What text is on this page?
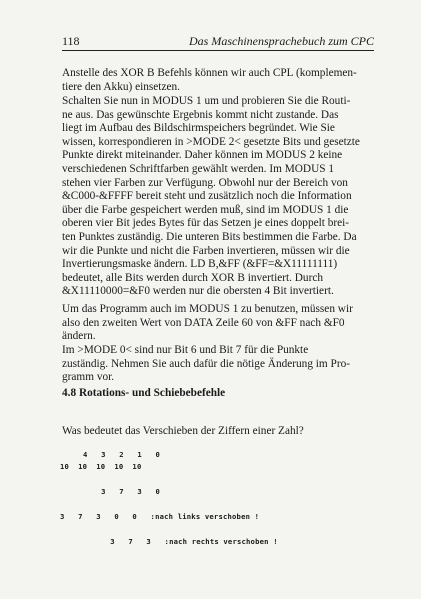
118	Das Maschinensprachebuch zum CPC
Anstelle des XOR B Befehls können wir auch CPL (komplemen-
tiere den Akku) einsetzen.
Schalten Sie nun in MODUS 1 um und probieren Sie die Routi-
ne aus. Das gewünschte Ergebnis kommt nicht zustande. Das
liegt im Aufbau des Bildschirmspeichers begründet. Wie Sie
wissen, korrespondieren in >MODE 2< gesetzte Bits und gesetzte
Punkte direkt miteinander. Daher können im MODUS 2 keine
verschiedenen Schriftfarben gewählt werden. Im MODUS 1
stehen vier Farben zur Verfügung. Obwohl nur der Bereich von
&C000-&FFFF bereit steht und zusätzlich noch die Information
über die Farbe gespeichert werden muß, sind im MODUS 1 die
oberen vier Bit jedes Bytes für das Setzen je eines doppelt brei-
ten Punktes zuständig. Die unteren Bits bestimmen die Farbe. Da
wir die Punkte und nicht die Farben invertieren, müssen wir die
Invertierungsmaske ändern. LD B,&FF (&FF=&X11111111)
bedeutet, alle Bits werden durch XOR B invertiert. Durch
&X11110000=&F0 werden nur die obersten 4 Bit invertiert.
Um das Programm auch im MODUS 1 zu benutzen, müssen wir
also den zweiten Wert von DATA Zeile 60 von &FF nach &F0
ändern.
Im >MODE 0< sind nur Bit 6 und Bit 7 für die Punkte
zuständig. Nehmen Sie auch dafür die nötige Änderung im Pro-
gramm vor.
4.8 Rotations- und Schiebebefehle
Was bedeutet das Verschieben der Ziffern einer Zahl?
4   3   2   1   0
10  10  10  10  10
3   7   3   0
3   7   3   0   0   :nach links verschoben !
3   7   3   :nach rechts verschoben !
